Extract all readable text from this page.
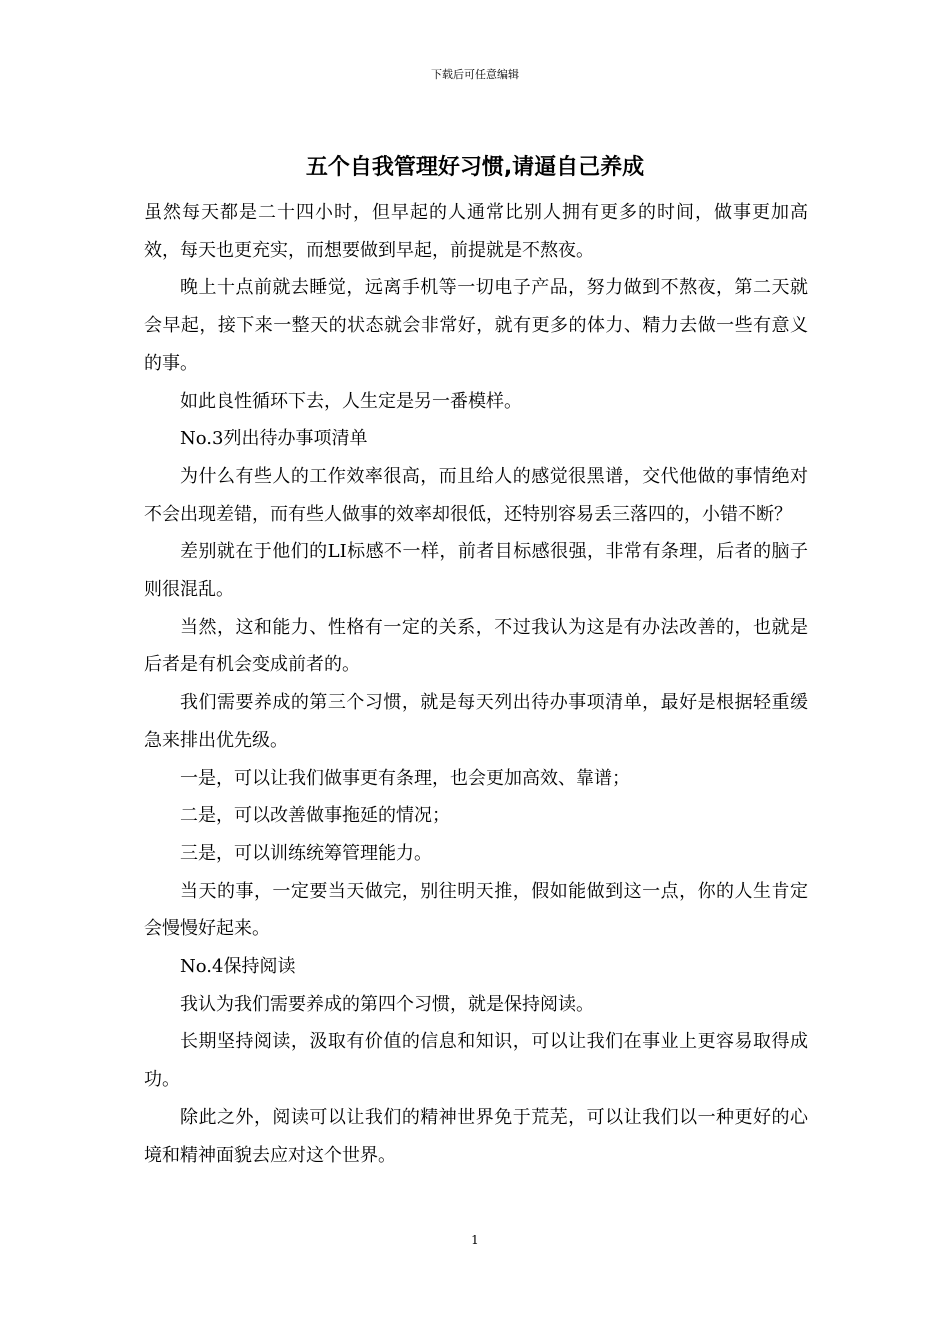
下载后可任意编辑
五个自我管理好习惯,请逼自己养成

虽然每天都是二十四小时，但早起的人通常比别人拥有更多的时间，做事更加高效，每天也更充实，而想要做到早起，前提就是不熬夜。

晚上十点前就去睡觉，远离手机等一切电子产品，努力做到不熬夜，第二天就会早起，接下来一整天的状态就会非常好，就有更多的体力、精力去做一些有意义的事。

如此良性循环下去，人生定是另一番模样。

No.3列出待办事项清单

为什么有些人的工作效率很高，而且给人的感觉很黑谱，交代他做的事情绝对不会出现差错，而有些人做事的效率却很低，还特别容易丢三落四的，小错不断？

差别就在于他们的LI标感不一样，前者目标感很强，非常有条理，后者的脑子则很混乱。

当然，这和能力、性格有一定的关系，不过我认为这是有办法改善的，也就是后者是有机会变成前者的。

我们需要养成的第三个习惯，就是每天列出待办事项清单，最好是根据轻重缓急来排出优先级。

一是，可以让我们做事更有条理，也会更加高效、靠谱；

二是，可以改善做事拖延的情况；

三是，可以训练统筹管理能力。

当天的事，一定要当天做完，别往明天推，假如能做到这一点，你的人生肯定会慢慢好起来。

No.4保持阅读

我认为我们需要养成的第四个习惯，就是保持阅读。

长期坚持阅读，汲取有价值的信息和知识，可以让我们在事业上更容易取得成功。

除此之外，阅读可以让我们的精神世界免于荒芜，可以让我们以一种更好的心境和精神面貌去应对这个世界。

1
